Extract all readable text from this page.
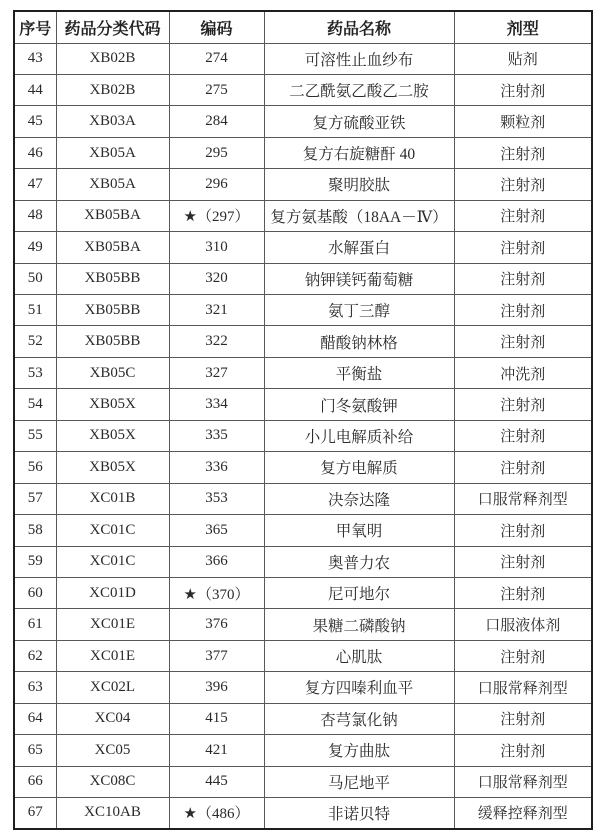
序号	药品分类代码	编码	药品名称	剂型
43	XB02B	274	可溶性止血纱布	贴剂
44	XB02B	275	二乙酰氨乙酸乙二胺	注射剂
45	XB03A	284	复方硫酸亚铁	颗粒剂
46	XB05A	295	复方右旋糖酐 40	注射剂
47	XB05A	296	聚明胶肽	注射剂
48	XB05BA	★（297）	复方氨基酸（18AA－Ⅳ）	注射剂
49	XB05BA	310	水解蛋白	注射剂
50	XB05BB	320	钠钾镁钙葡萄糖	注射剂
51	XB05BB	321	氨丁三醇	注射剂
52	XB05BB	322	醋酸钠林格	注射剂
53	XB05C	327	平衡盐	冲洗剂
54	XB05X	334	门冬氨酸钾	注射剂
55	XB05X	335	小儿电解质补给	注射剂
56	XB05X	336	复方电解质	注射剂
57	XC01B	353	决奈达隆	口服常释剂型
58	XC01C	365	甲氧明	注射剂
59	XC01C	366	奥普力农	注射剂
60	XC01D	★（370）	尼可地尔	注射剂
61	XC01E	376	果糖二磷酸钠	口服液体剂
62	XC01E	377	心肌肽	注射剂
63	XC02L	396	复方四嗪利血平	口服常释剂型
64	XC04	415	杏芎氯化钠	注射剂
65	XC05	421	复方曲肽	注射剂
66	XC08C	445	马尼地平	口服常释剂型
67	XC10AB	★（486）	非诺贝特	缓释控释剂型
